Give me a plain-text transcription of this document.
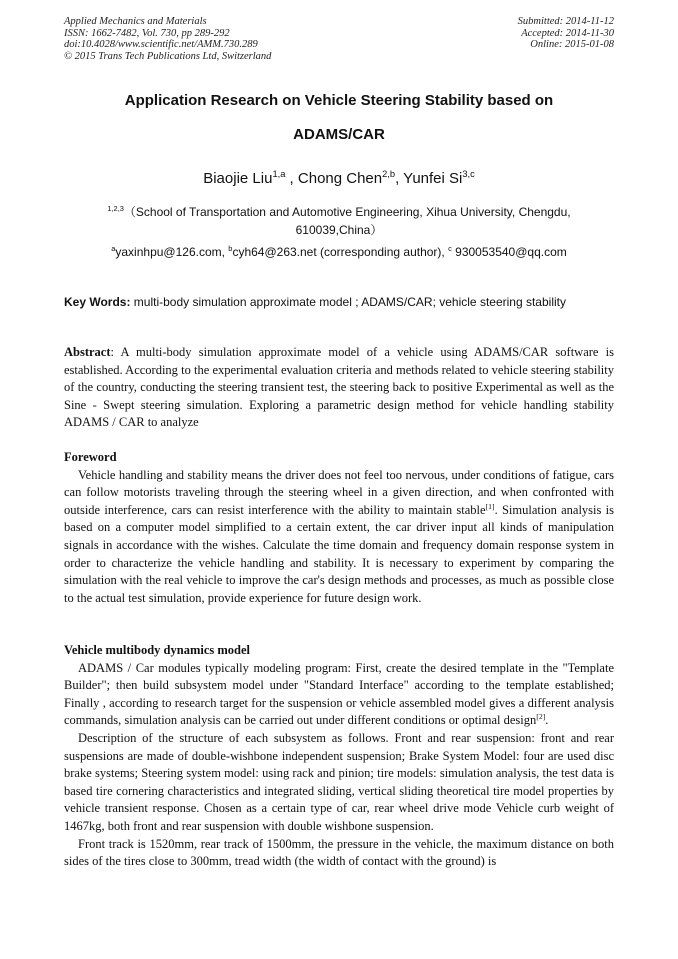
Applied Mechanics and Materials
ISSN: 1662-7482, Vol. 730, pp 289-292
doi:10.4028/www.scientific.net/AMM.730.289
© 2015 Trans Tech Publications Ltd, Switzerland
Submitted: 2014-11-12
Accepted: 2014-11-30
Online: 2015-01-08
Application Research on Vehicle Steering Stability based on
ADAMS/CAR
Biaojie Liu$^{1,a}$ , Chong Chen$^{2,b}$, Yunfei Si$^{3,c}$
$^{1,2,3}$（School of Transportation and Automotive Engineering, Xihua University, Chengdu,
610039,China）
$^a$yaxinhpu@126.com, $^b$cyh64@263.net (corresponding author), $^c$ 930053540@qq.com
Key Words: multi-body simulation approximate model ; ADAMS/CAR; vehicle steering stability

Abstract: A multi-body simulation approximate model of a vehicle using ADAMS/CAR software is established. According to the experimental evaluation criteria and methods related to vehicle steering stability of the country, conducting the steering transient test, the steering back to positive Experimental as well as the Sine - Swept steering simulation. Exploring a parametric design method for vehicle handling stability ADAMS / CAR to analyze

Foreword

Vehicle handling and stability means the driver does not feel too nervous, under conditions of fatigue, cars can follow motorists traveling through the steering wheel in a given direction, and when confronted with outside interference, cars can resist interference with the ability to maintain stable[1]. Simulation analysis is based on a computer model simplified to a certain extent, the car driver input all kinds of manipulation signals in accordance with the wishes. Calculate the time domain and frequency domain response system in order to characterize the vehicle handling and stability. It is necessary to experiment by comparing the simulation with the real vehicle to improve the car's design methods and processes, as much as possible close to the actual test simulation, provide experience for future design work.

Vehicle multibody dynamics model

ADAMS / Car modules typically modeling program: First, create the desired template in the "Template Builder"; then build subsystem model under "Standard Interface" according to the template established; Finally , according to research target for the suspension or vehicle assembled model gives a different analysis commands, simulation analysis can be carried out under different conditions or optimal design[2].

Description of the structure of each subsystem as follows. Front and rear suspension: front and rear suspensions are made of double-wishbone independent suspension; Brake System Model: four are used disc brake systems; Steering system model: using rack and pinion; tire models: simulation analysis, the test data is based tire cornering characteristics and integrated sliding, vertical sliding theoretical tire model properties by vehicle transient response. Chosen as a certain type of car, rear wheel drive mode Vehicle curb weight of 1467kg, both front and rear suspension with double wishbone suspension.

Front track is 1520mm, rear track of 1500mm, the pressure in the vehicle, the maximum distance on both sides of the tires close to 300mm, tread width (the width of contact with the ground) is
